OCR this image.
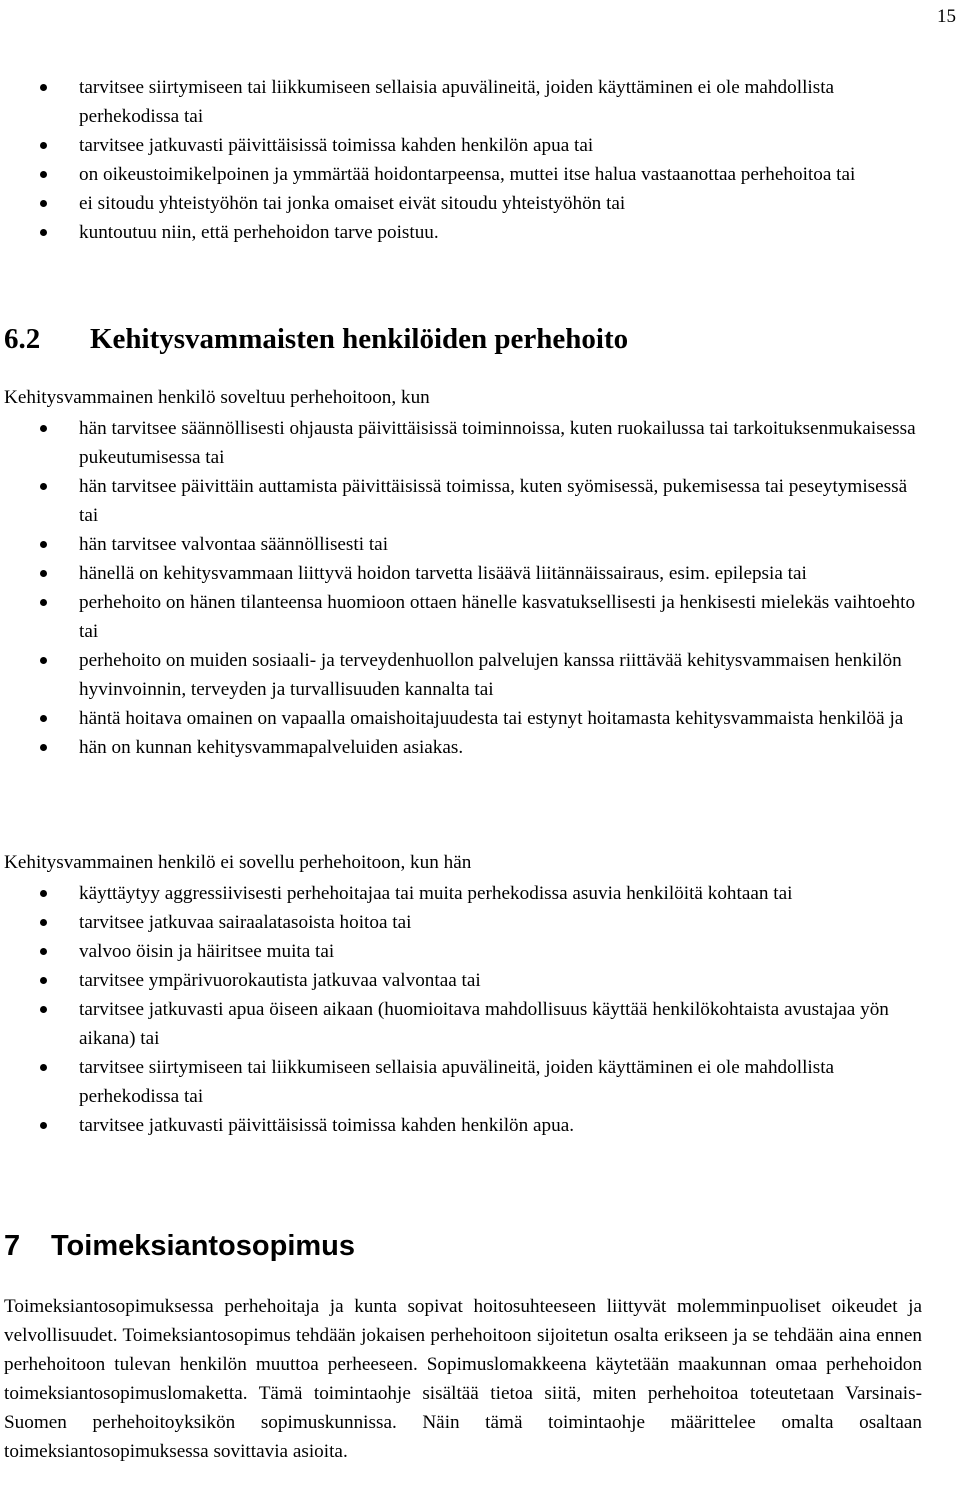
15
tarvitsee siirtymiseen tai liikkumiseen sellaisia apuvälineitä, joiden käyttäminen ei ole mahdollista perhekodissa tai
tarvitsee jatkuvasti päivittäisissä toimissa kahden henkilön apua tai
on oikeustoimikelpoinen ja ymmärtää hoidontarpeensa, muttei itse halua vastaanottaa perhehoitoa tai
ei sitoudu yhteistyöhön tai jonka omaiset eivät sitoudu yhteistyöhön tai
kuntoutuu niin, että perhehoidon tarve poistuu.
6.2 Kehitysvammaisten henkilöiden perhehoito
Kehitysvammainen henkilö soveltuu perhehoitoon, kun
hän tarvitsee säännöllisesti ohjausta päivittäisissä toiminnoissa, kuten ruokailussa tai tarkoituksenmukaisessa pukeutumisessa tai
hän tarvitsee päivittäin auttamista päivittäisissä toimissa, kuten syömisessä, pukemisessa tai peseytymisessä tai
hän tarvitsee valvontaa säännöllisesti tai
hänellä on kehitysvammaan liittyvä hoidon tarvetta lisäävä liitännäissairaus, esim. epilepsia tai
perhehoito on hänen tilanteensa huomioon ottaen hänelle kasvatuksellisesti ja henkisesti mielekäs vaihtoehto tai
perhehoito on muiden sosiaali- ja terveydenhuollon palvelujen kanssa riittävää kehitysvammaisen henkilön hyvinvoinnin, terveyden ja turvallisuuden kannalta tai
häntä hoitava omainen on vapaalla omaishoitajuudesta tai estynyt hoitamasta kehitysvammaista henkilöä ja
hän on kunnan kehitysvammapalveluiden asiakas.
Kehitysvammainen henkilö ei sovellu perhehoitoon, kun hän
käyttäytyy aggressiivisesti perhehoitajaa tai muita perhekodissa asuvia henkilöitä kohtaan tai
tarvitsee jatkuvaa sairaalatasoista hoitoa tai
valvoo öisin ja häiritsee muita tai
tarvitsee ympärivuorokautista jatkuvaa valvontaa tai
tarvitsee jatkuvasti apua öiseen aikaan (huomioitava mahdollisuus käyttää henkilökohtaista avustajaa yön aikana) tai
tarvitsee siirtymiseen tai liikkumiseen sellaisia apuvälineitä, joiden käyttäminen ei ole mahdollista perhekodissa tai
tarvitsee jatkuvasti päivittäisissä toimissa kahden henkilön apua.
7 Toimeksiantosopimus
Toimeksiantosopimuksessa perhehoitaja ja kunta sopivat hoitosuhteeseen liittyvät molemminpuoliset oikeudet ja velvollisuudet. Toimeksiantosopimus tehdään jokaisen perhehoitoon sijoitetun osalta erikseen ja se tehdään aina ennen perhehoitoon tulevan henkilön muuttoa perheeseen. Sopimuslomakkeena käytetään maakunnan omaa perhehoidon toimeksiantosopimuslomaketta. Tämä toimintaohje sisältää tietoa siitä, miten perhehoitoa toteutetaan Varsinais-Suomen perhehoitoyksikön sopimuskunnissa. Näin tämä toimintaohje määrittelee omalta osaltaan toimeksiantosopimuksessa sovittavia asioita.
